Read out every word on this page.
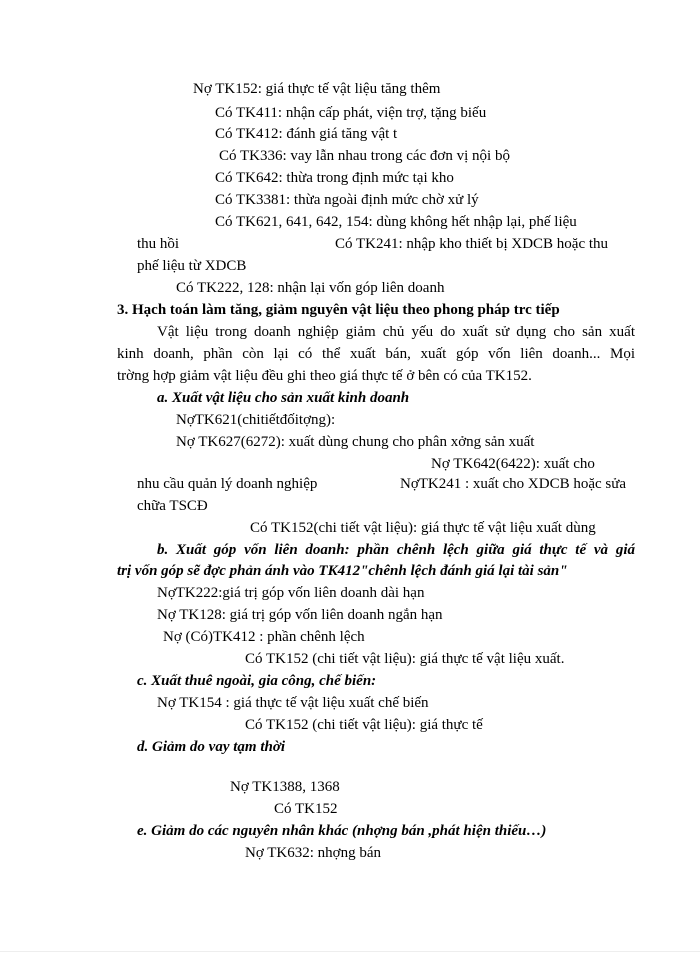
Nợ TK152: giá thực tế vật liệu tăng thêm
Có TK411: nhận cấp phát, viện trợ, tặng biếu
Có TK412: đánh giá tăng vật t
Có TK336: vay lẫn nhau trong các đơn vị nội bộ
Có TK642: thừa trong định mức tại kho
Có TK3381: thừa ngoài định mức chờ xử lý
Có TK621, 641, 642, 154: dùng không hết nhập lại, phế liệu
thu hồi	Có TK241: nhập kho thiết bị XDCB hoặc thu
phế liệu từ XDCB
Có TK222, 128: nhận lại vốn góp liên doanh
3. Hạch toán làm tăng, giảm nguyên vật liệu theo phong pháp trc tiếp
Vật liệu trong doanh nghiệp giảm chủ yếu do xuất sử dụng cho sản xuất
kinh doanh, phần còn lại có thể xuất bán, xuất góp vốn liên doanh... Mọi
trờng hợp giảm vật liệu đều ghi theo giá thực tế ở bên có của TK152.
a. Xuất vật liệu cho sản xuất kinh doanh
NợTK621(chitiếtđốitợng):
Nợ TK627(6272): xuất dùng chung cho phân xởng sản xuất
Nợ TK642(6422): xuất cho
nhu cầu quản lý doanh nghiệp	NợTK241 : xuất cho XDCB hoặc sửa
chữa TSCĐ
Có TK152(chi tiết vật liệu): giá thực tế vật liệu xuất dùng
b. Xuất góp vốn liên doanh: phần chênh lệch giữa giá thực tế và giá
trị vốn góp sẽ đợc phản ánh vào TK412"chênh lệch đánh giá lại tài sản"
NợTK222:giá trị góp vốn liên doanh dài hạn
Nợ TK128: giá trị góp vốn liên doanh ngắn hạn
Nợ (Có)TK412 : phần chênh lệch
Có TK152 (chi tiết vật liệu): giá thực tế vật liệu xuất.
c. Xuất thuê ngoài, gia công, chế biến:
Nợ TK154 : giá thực tế vật liệu xuất chế biến
Có TK152 (chi tiết vật liệu): giá thực tế
d. Giảm do vay tạm thời
Nợ TK1388, 1368
Có TK152
e. Giảm do các nguyên nhân khác (nhợng bán ,phát hiện thiếu…)
Nợ TK632: nhợng bán
